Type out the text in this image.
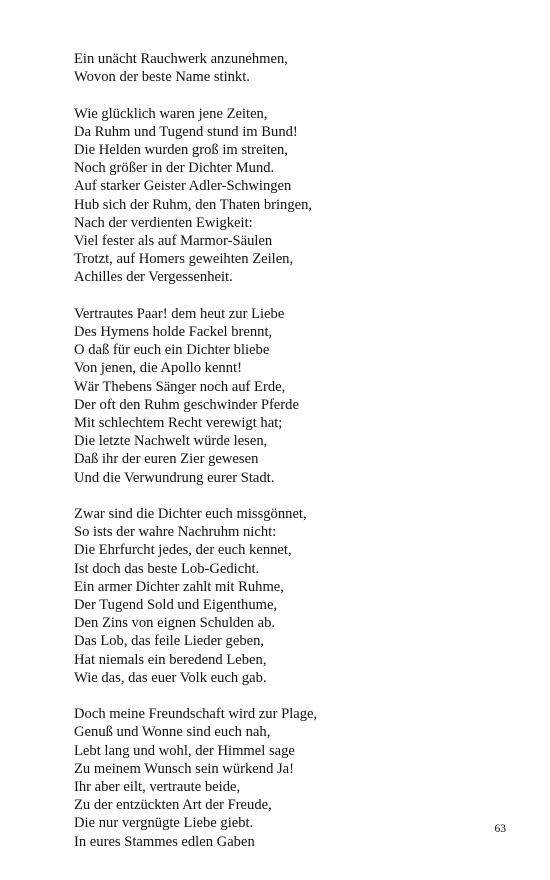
Ein unächt Rauchwerk anzunehmen,
Wovon der beste Name stinkt.
Wie glücklich waren jene Zeiten,
Da Ruhm und Tugend stund im Bund!
Die Helden wurden groß im streiten,
Noch größer in der Dichter Mund.
Auf starker Geister Adler-Schwingen
Hub sich der Ruhm, den Thaten bringen,
Nach der verdienten Ewigkeit:
Viel fester als auf Marmor-Säulen
Trotzt, auf Homers geweihten Zeilen,
Achilles der Vergessenheit.
Vertrautes Paar! dem heut zur Liebe
Des Hymens holde Fackel brennt,
O daß für euch ein Dichter bliebe
Von jenen, die Apollo kennt!
Wär Thebens Sänger noch auf Erde,
Der oft den Ruhm geschwinder Pferde
Mit schlechtem Recht verewigt hat;
Die letzte Nachwelt würde lesen,
Daß ihr der euren Zier gewesen
Und die Verwundrung eurer Stadt.
Zwar sind die Dichter euch missgönnet,
So ists der wahre Nachruhm nicht:
Die Ehrfurcht jedes, der euch kennet,
Ist doch das beste Lob-Gedicht.
Ein armer Dichter zahlt mit Ruhme,
Der Tugend Sold und Eigenthume,
Den Zins von eignen Schulden ab.
Das Lob, das feile Lieder geben,
Hat niemals ein beredend Leben,
Wie das, das euer Volk euch gab.
Doch meine Freundschaft wird zur Plage,
Genuß und Wonne sind euch nah,
Lebt lang und wohl, der Himmel sage
Zu meinem Wunsch sein würkend Ja!
Ihr aber eilt, vertraute beide,
Zu der entzückten Art der Freude,
Die nur vergnügte Liebe giebt.
In eures Stammes edlen Gaben
63
